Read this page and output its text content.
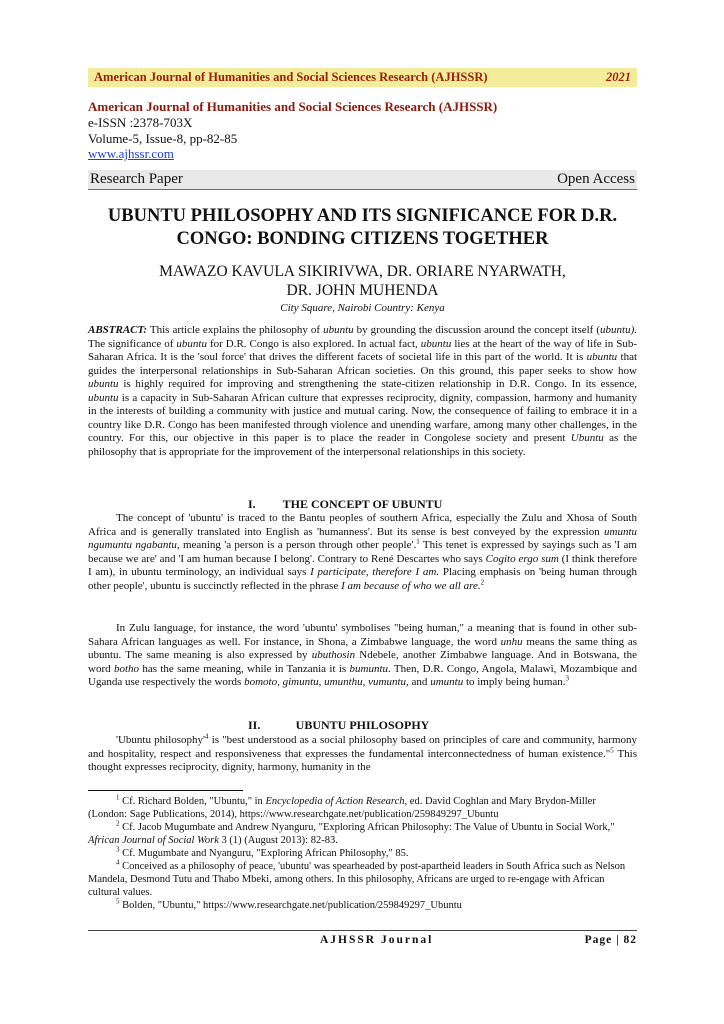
American Journal of Humanities and Social Sciences Research (AJHSSR)	2021
American Journal of Humanities and Social Sciences Research (AJHSSR)
e-ISSN :2378-703X
Volume-5, Issue-8, pp-82-85
www.ajhssr.com
Research Paper	Open Access
UBUNTU PHILOSOPHY AND ITS SIGNIFICANCE FOR D.R.
CONGO: BONDING CITIZENS TOGETHER
MAWAZO KAVULA SIKIRIVWA, DR. ORIARE NYARWATH,
DR. JOHN MUHENDA
City Square, Nairobi Country: Kenya
ABSTRACT: This article explains the philosophy of ubuntu by grounding the discussion around the concept itself (ubuntu). The significance of ubuntu for D.R. Congo is also explored. In actual fact, ubuntu lies at the heart of the way of life in Sub-Saharan Africa. It is the 'soul force' that drives the different facets of societal life in this part of the world. It is ubuntu that guides the interpersonal relationships in Sub-Saharan African societies. On this ground, this paper seeks to show how ubuntu is highly required for improving and strengthening the state-citizen relationship in D.R. Congo. In its essence, ubuntu is a capacity in Sub-Saharan African culture that expresses reciprocity, dignity, compassion, harmony and humanity in the interests of building a community with justice and mutual caring. Now, the consequence of failing to embrace it in a country like D.R. Congo has been manifested through violence and unending warfare, among many other challenges, in the country. For this, our objective in this paper is to place the reader in Congolese society and present Ubuntu as the philosophy that is appropriate for the improvement of the interpersonal relationships in this society.
I. THE CONCEPT OF UBUNTU
The concept of 'ubuntu' is traced to the Bantu peoples of southern Africa, especially the Zulu and Xhosa of South Africa and is generally translated into English as 'humanness'. But its sense is best conveyed by the expression umuntu ngumuntu ngabantu, meaning 'a person is a person through other people'.$^1$ This tenet is expressed by sayings such as 'I am because we are' and 'I am human because I belong'. Contrary to René Descartes who says Cogito ergo sum (I think therefore I am), in ubuntu terminology, an individual says I participate, therefore I am. Placing emphasis on 'being human through other people', ubuntu is succinctly reflected in the phrase I am because of who we all are.$^2$
In Zulu language, for instance, the word 'ubuntu' symbolises "being human," a meaning that is found in other sub-Sahara African languages as well. For instance, in Shona, a Zimbabwe language, the word unhu means the same thing as ubuntu. The same meaning is also expressed by ubuthosin Ndebele, another Zimbabwe language. And in Botswana, the word botho has the same meaning, while in Tanzania it is bumuntu. Then, D.R. Congo, Angola, Malawi, Mozambique and Uganda use respectively the words bomoto, gimuntu, umunthu, vumuntu, and umuntu to imply being human.$^3$
II.	UBUNTU PHILOSOPHY
'Ubuntu $philosophy'^4$ is "best understood as a social philosophy based on principles of care and community, harmony and hospitality, respect and responsiveness that expresses the fundamental interconnectedness of human existence."$^5$ This thought expresses reciprocity, dignity, harmony, humanity in the

$^1$ Cf. Richard Bolden, "Ubuntu," in Encyclopedia of Action Research, ed. David Coghlan and Mary Brydon-Miller (London: Sage Publications, 2014), https://www.researchgate.net/publication/259849297_Ubuntu

$^2$ Cf. Jacob Mugumbate and Andrew Nyanguru, "Exploring African Philosophy: The Value of Ubuntu in Social Work," African Journal of Social Work 3 (1) (August 2013): 82-83.

$^3$ Cf. Mugumbate and Nyanguru, "Exploring African Philosophy," 85.

$^4$ Conceived as a philosophy of peace, 'ubuntu' was spearheaded by post-apartheid leaders in South Africa such as Nelson Mandela, Desmond Tutu and Thabo Mbeki, among others. In this philosophy, Africans are urged to re-engage with African cultural values.

$^5$ Bolden, "Ubuntu," https://www.researchgate.net/publication/259849297_Ubuntu

AJHSSR Journal	Page | 82
